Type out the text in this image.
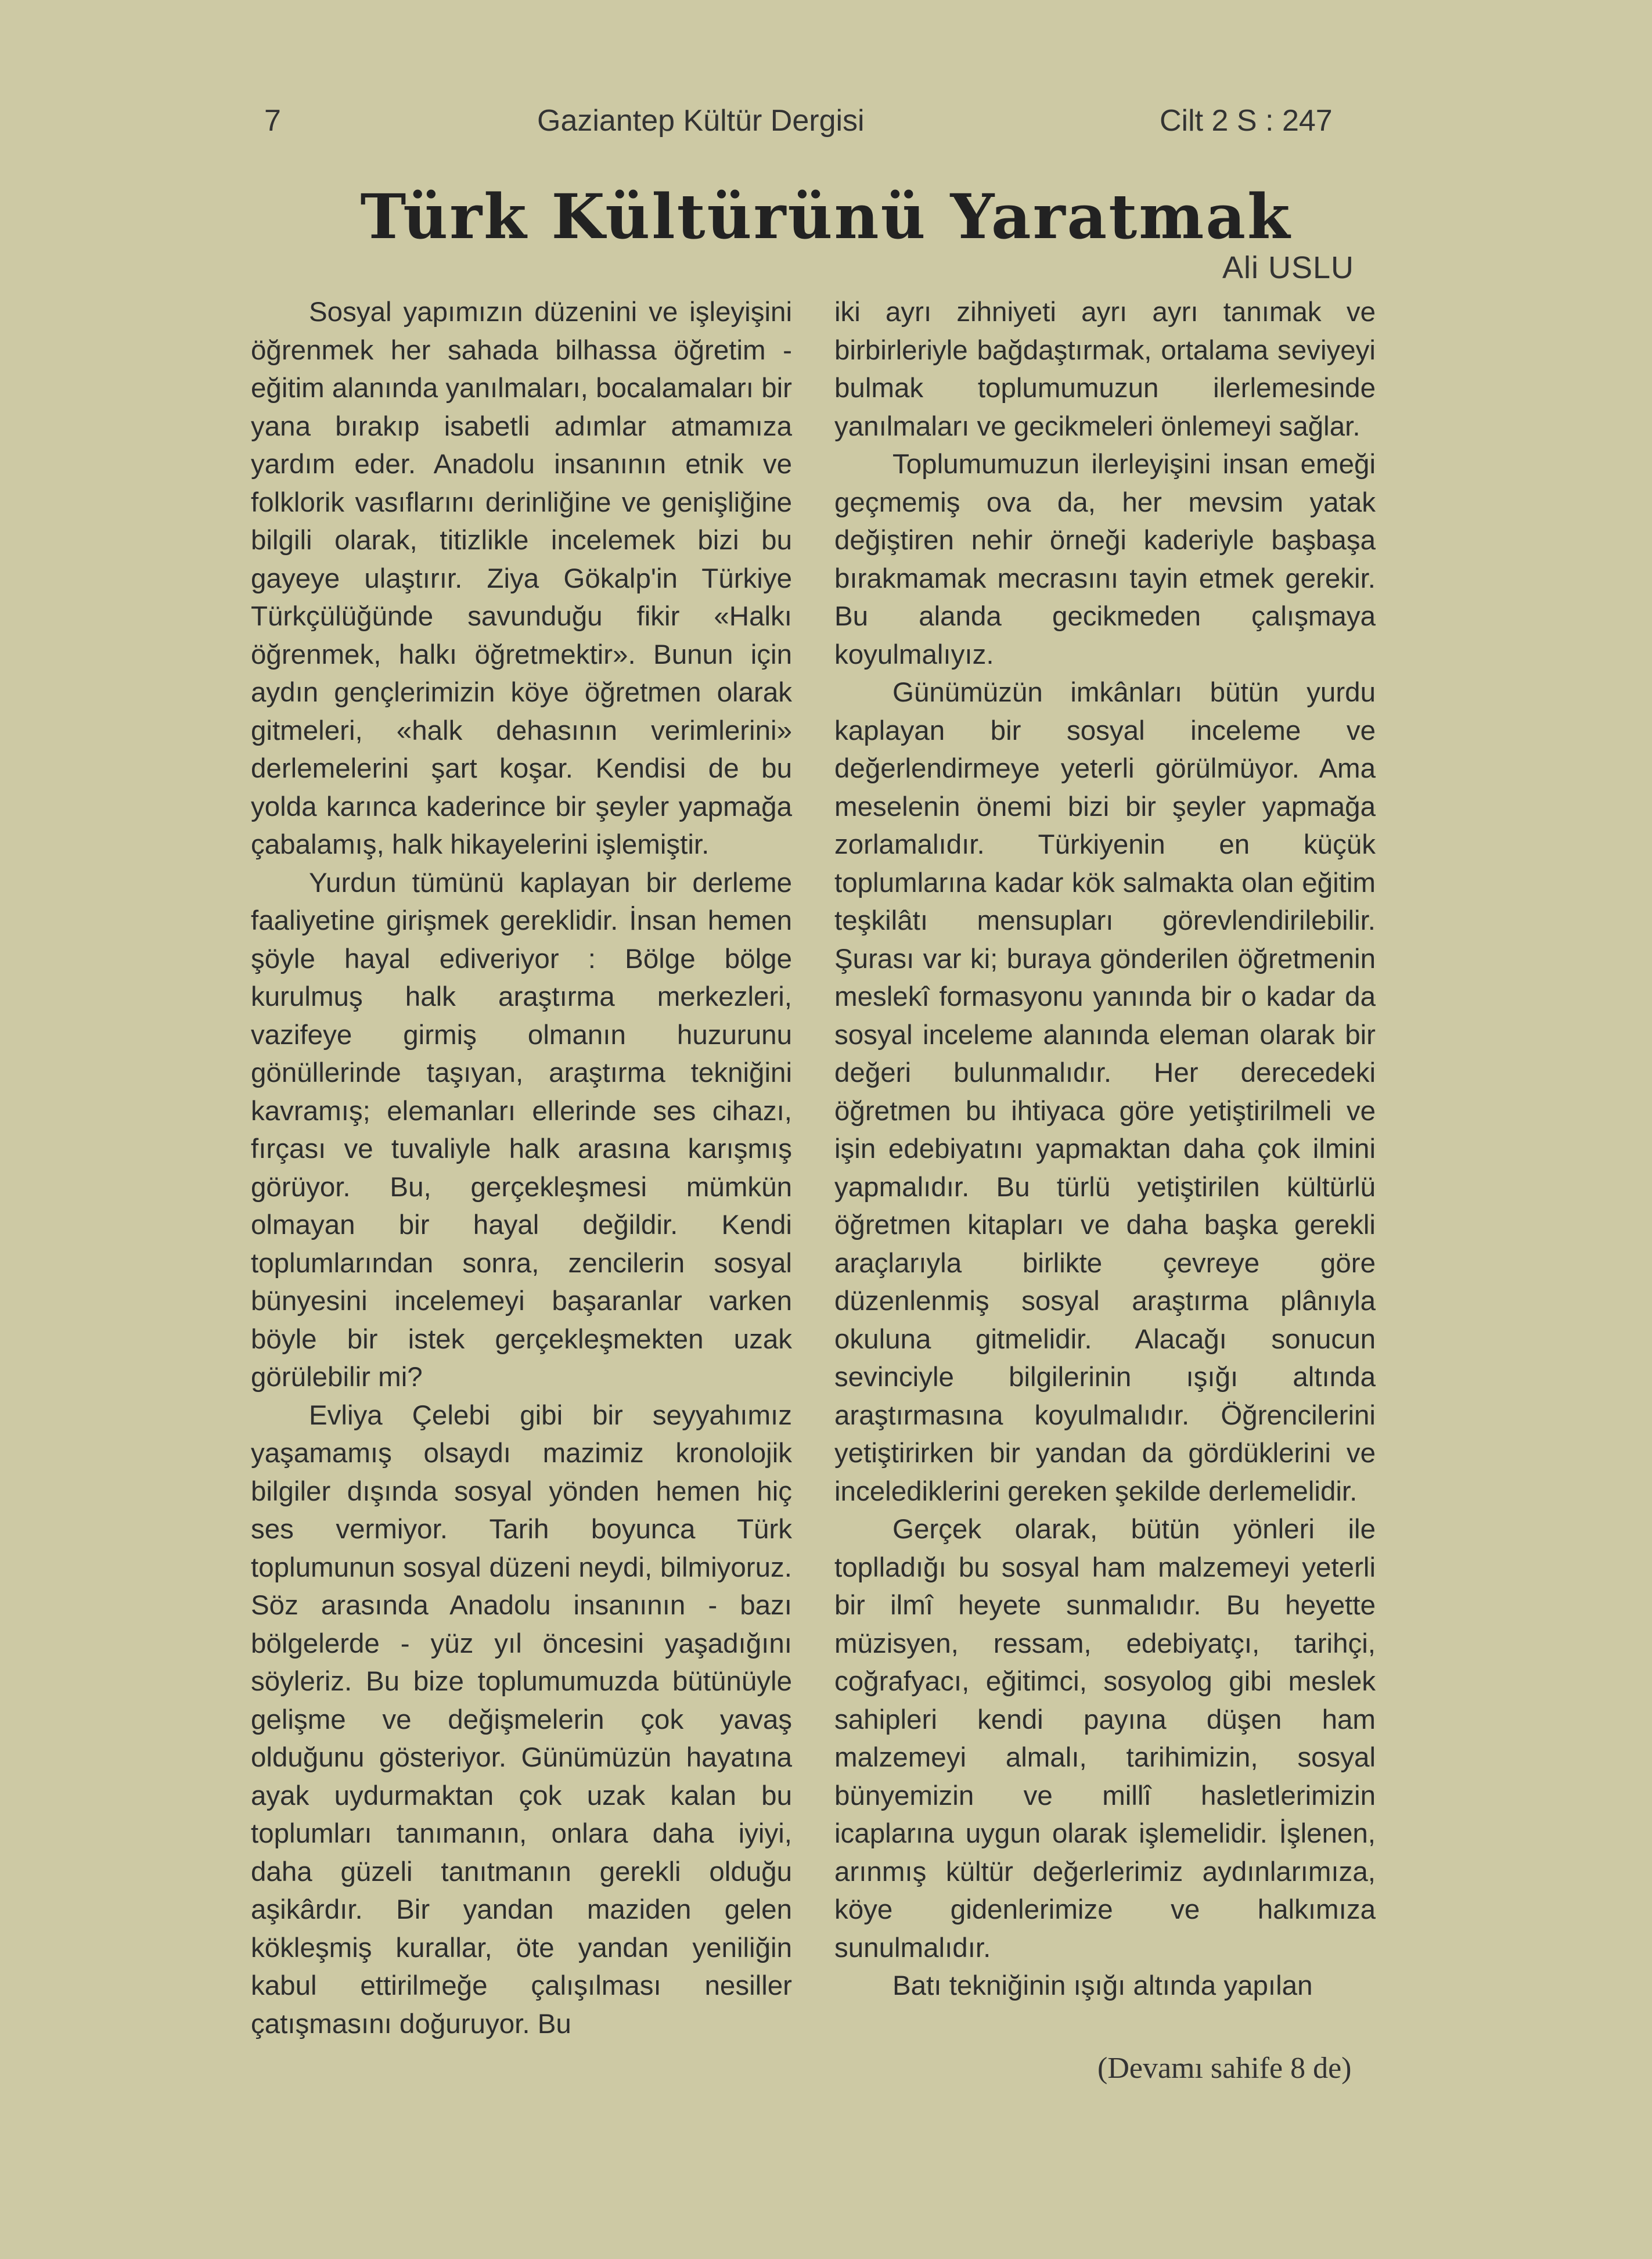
7	Gaziantep Kültür Dergisi	Cilt 2 S : 247
Türk Kültürünü Yaratmak
Ali USLU

Sosyal yapımızın düzenini ve işleyişini öğrenmek her sahada bilhassa öğretim - eğitim alanında yanılmaları, bocalamaları bir yana bırakıp isabetli adımlar atmamıza yardım eder. Anadolu insanının etnik ve folklorik vasıflarını derinliğine ve genişliğine bilgili olarak, titizlikle incelemek bizi bu gayeye ulaştırır. Ziya Gökalp'in Türkiye Türkçülüğünde savunduğu fikir «Halkı öğrenmek, halkı öğretmektir». Bunun için aydın gençlerimizin köye öğretmen olarak gitmeleri, «halk dehasının verimlerini» derlemelerini şart koşar. Kendisi de bu yolda karınca kaderince bir şeyler yapmağa çabalamış, halk hikayelerini işlemiştir.

Yurdun tümünü kaplayan bir derleme faaliyetine girişmek gereklidir. İnsan hemen şöyle hayal ediveriyor : Bölge bölge kurulmuş halk araştırma merkezleri, vazifeye girmiş olmanın huzurunu gönüllerinde taşıyan, araştırma tekniğini kavramış; elemanları ellerinde ses cihazı, fırçası ve tuvaliyle halk arasına karışmış görüyor. Bu, gerçekleşmesi mümkün olmayan bir hayal değildir. Kendi toplumlarından sonra, zencilerin sosyal bünyesini incelemeyi başaranlar varken böyle bir istek gerçekleşmekten uzak görülebilir mi?

Evliya Çelebi gibi bir seyyahımız yaşamamış olsaydı mazimiz kronolojik bilgiler dışında sosyal yönden hemen hiç ses vermiyor. Tarih boyunca Türk toplumunun sosyal düzeni neydi, bilmiyoruz. Söz arasında Anadolu insanının - bazı bölgelerde - yüz yıl öncesini yaşadığını söyleriz. Bu bize toplumumuzda bütünüyle gelişme ve değişmelerin çok yavaş olduğunu gösteriyor. Günümüzün hayatına ayak uydurmaktan çok uzak kalan bu toplumları tanımanın, onlara daha iyiyi, daha güzeli tanıtmanın gerekli olduğu aşikârdır. Bir yandan maziden gelen kökleşmiş kurallar, öte yandan yeniliğin kabul ettirilmeğe çalışılması nesiller çatışmasını doğuruyor. Bu

iki ayrı zihniyeti ayrı ayrı tanımak ve birbirleriyle bağdaştırmak, ortalama seviyeyi bulmak toplumumuzun ilerlemesinde yanılmaları ve gecikmeleri önlemeyi sağlar.

Toplumumuzun ilerleyişini insan emeği geçmemiş ova da, her mevsim yatak değiştiren nehir örneği kaderiyle başbaşa bırakmamak mecrasını tayin etmek gerekir. Bu alanda gecikmeden çalışmaya koyulmalıyız.

Günümüzün imkânları bütün yurdu kaplayan bir sosyal inceleme ve değerlendirmeye yeterli görülmüyor. Ama meselenin önemi bizi bir şeyler yapmağa zorlamalıdır. Türkiyenin en küçük toplumlarına kadar kök salmakta olan eğitim teşkilâtı mensupları görevlendirilebilir. Şurası var ki; buraya gönderilen öğretmenin meslekî formasyonu yanında bir o kadar da sosyal inceleme alanında eleman olarak bir değeri bulunmalıdır. Her derecedeki öğretmen bu ihtiyaca göre yetiştirilmeli ve işin edebiyatını yapmaktan daha çok ilmini yapmalıdır. Bu türlü yetiştirilen kültürlü öğretmen kitapları ve daha başka gerekli araçlarıyla birlikte çevreye göre düzenlenmiş sosyal araştırma plânıyla okuluna gitmelidir. Alacağı sonucun sevinciyle bilgilerinin ışığı altında araştırmasına koyulmalıdır. Öğrencilerini yetiştirirken bir yandan da gördüklerini ve incelediklerini gereken şekilde derlemelidir.

Gerçek olarak, bütün yönleri ile toplladığı bu sosyal ham malzemeyi yeterli bir ilmî heyete sunmalıdır. Bu heyette müzisyen, ressam, edebiyatçı, tarihçi, coğrafyacı, eğitimci, sosyolog gibi meslek sahipleri kendi payına düşen ham malzemeyi almalı, tarihimizin, sosyal bünyemizin ve millî hasletlerimizin icaplarına uygun olarak işlemelidir. İşlenen, arınmış kültür değerlerimiz aydınlarımıza, köye gidenlerimize ve halkımıza sunulmalıdır.

Batı tekniğinin ışığı altında yapılan

(Devamı sahife 8 de)
